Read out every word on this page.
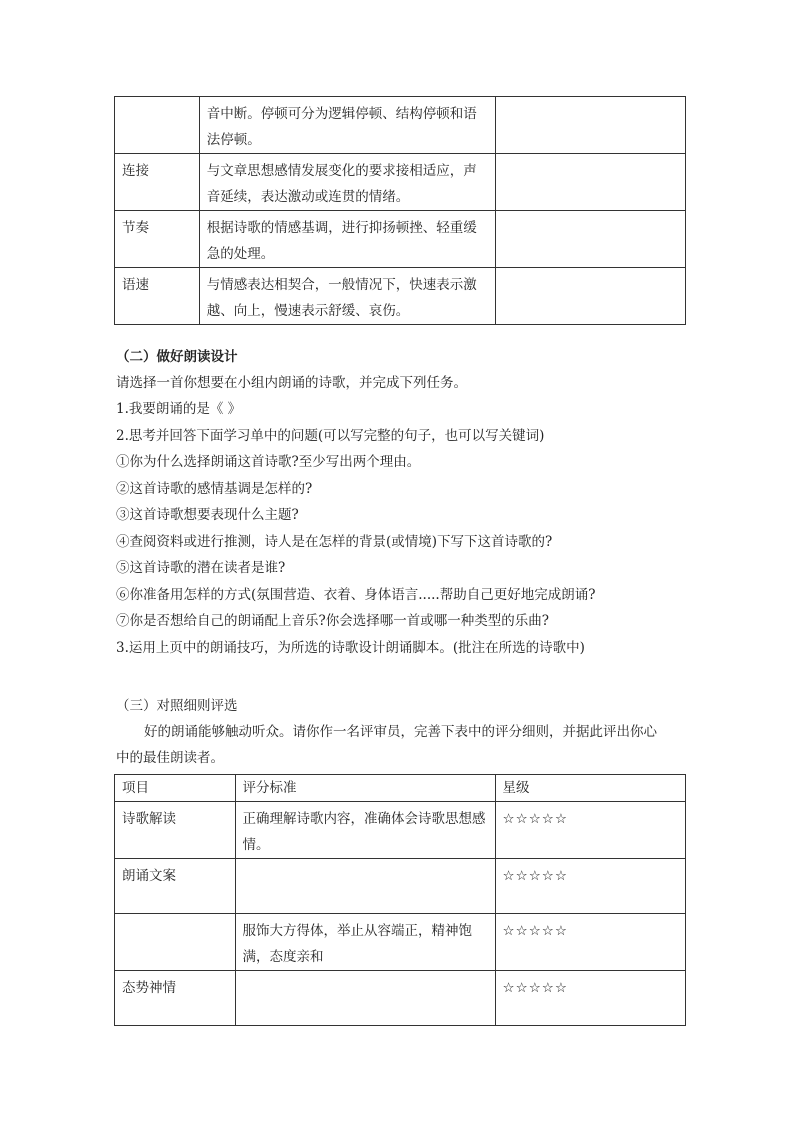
	音中断。停顿可分为逻辑停顿、结构停顿和语法停顿。	

连接	与文章思想感情发展变化的要求接相适应，声音延续，表达激动或连贯的情绪。	

节奏	根据诗歌的情感基调，进行抑扬顿挫、轻重缓急的处理。	

语速	与情感表达相契合，一般情况下，快速表示激越、向上，慢速表示舒缓、哀伤。	

（二）做好朗读设计
请选择一首你想要在小组内朗诵的诗歌，并完成下列任务。
1.我要朗诵的是《 》
2.思考并回答下面学习单中的问题(可以写完整的句子，也可以写关键词)
①你为什么选择朗诵这首诗歌?至少写出两个理由。
②这首诗歌的感情基调是怎样的?
③这首诗歌想要表现什么主题?
④查阅资料或进行推测，诗人是在怎样的背景(或情境)下写下这首诗歌的?
⑤这首诗歌的潜在读者是谁?
⑥你准备用怎样的方式(氛围营造、衣着、身体语言.....帮助自己更好地完成朗诵?
⑦你是否想给自己的朗诵配上音乐?你会选择哪一首或哪一种类型的乐曲?
3.运用上页中的朗诵技巧，为所选的诗歌设计朗诵脚本。(批注在所选的诗歌中)
（三）对照细则评选
好的朗诵能够触动听众。请你作一名评审员，完善下表中的评分细则，并据此评出你心
中的最佳朗读者。
项目	评分标准	星级

诗歌解读	正确理解诗歌内容，准确体会诗歌思想感情。	☆☆☆☆☆

朗诵文案		☆☆☆☆☆

	服饰大方得体，举止从容端正，精神饱满，态度亲和	☆☆☆☆☆

态势神情		☆☆☆☆☆
